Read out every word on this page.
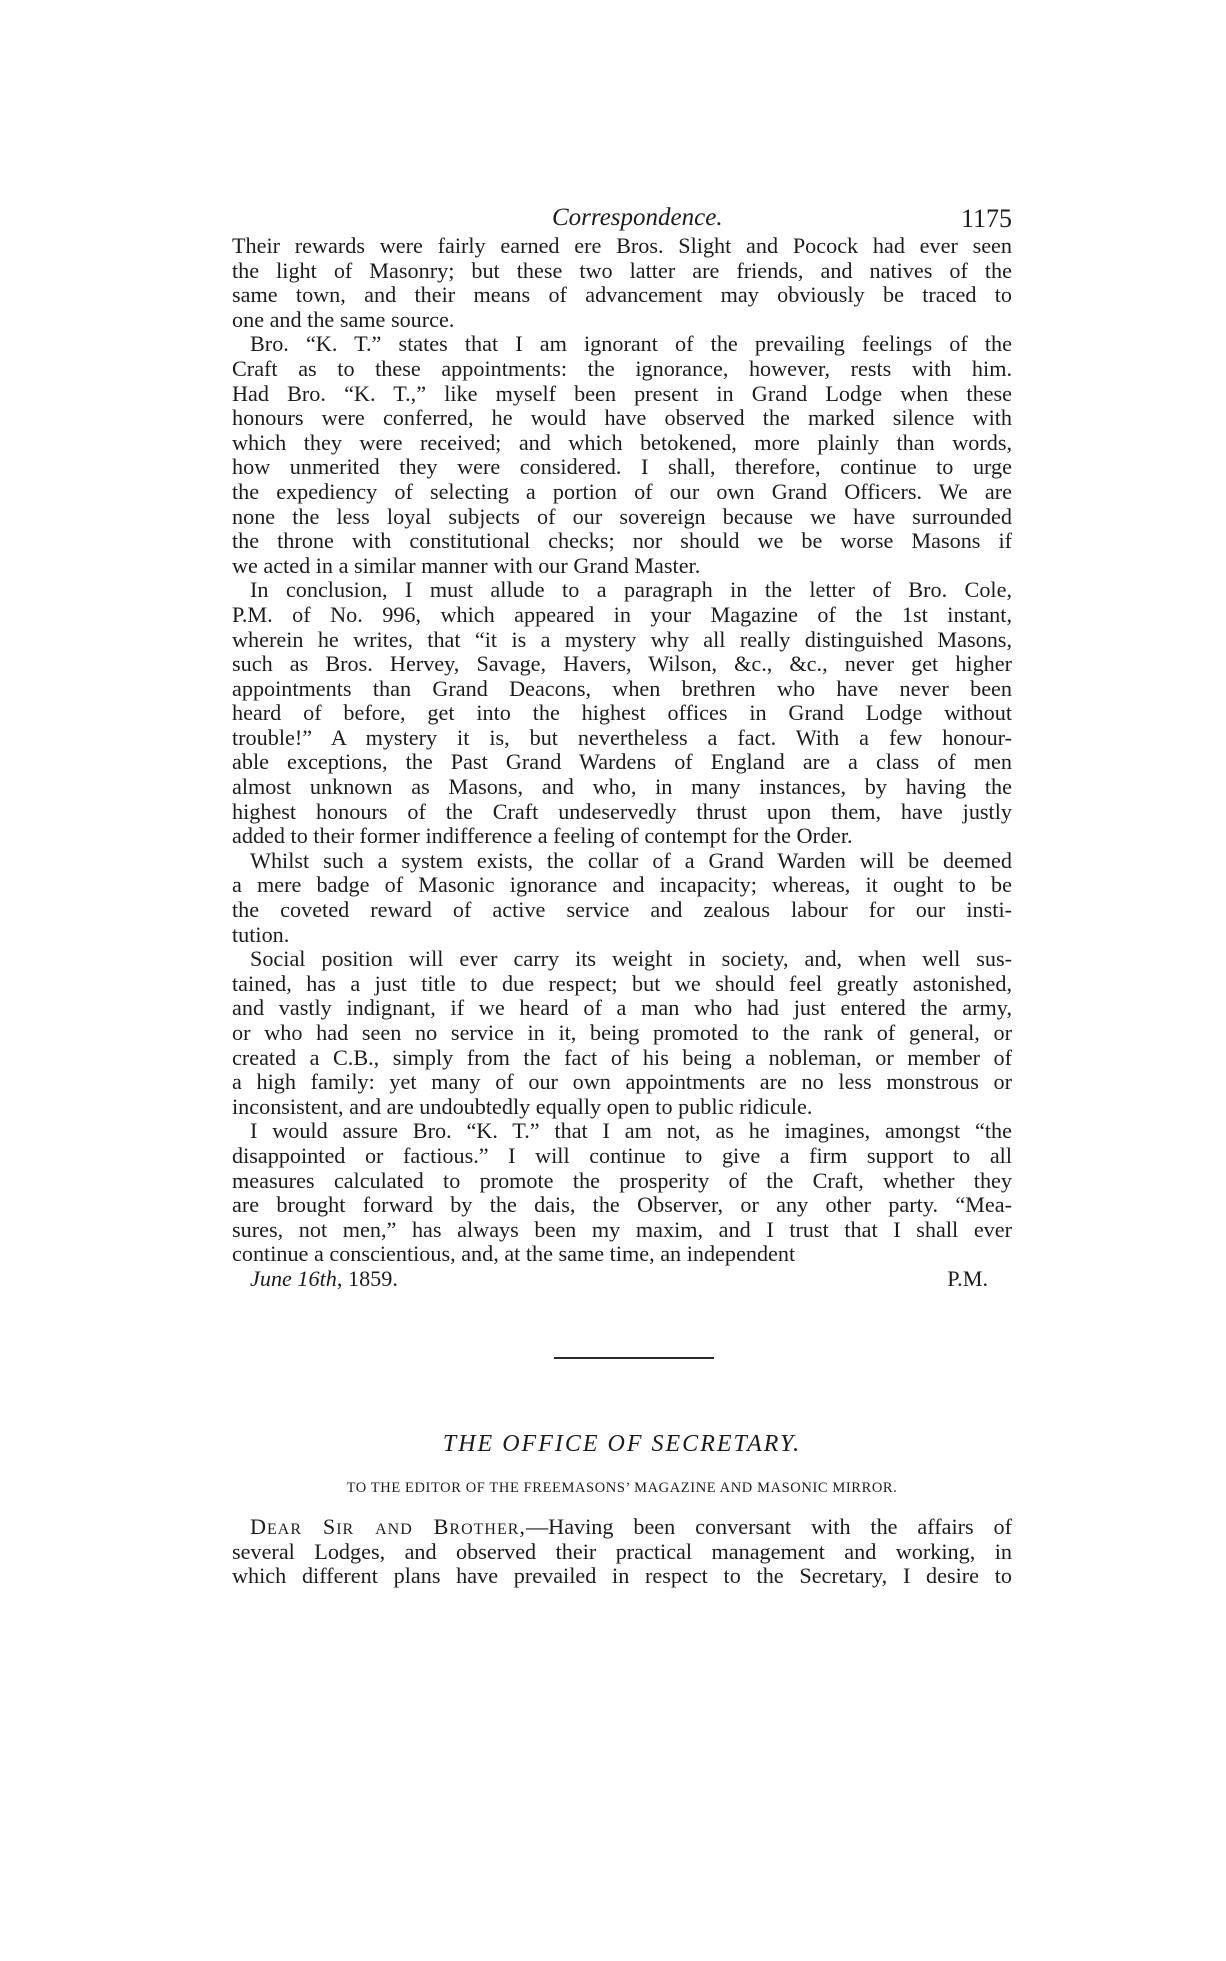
Correspondence.	1175

Their rewards were fairly earned ere Bros. Slight and Pocock had ever seen
the light of Masonry; but these two latter are friends, and natives of the
same town, and their means of advancement may obviously be traced to
one and the same source.

Bro. “K. T.” states that I am ignorant of the prevailing feelings of the
Craft as to these appointments: the ignorance, however, rests with him.
Had Bro. “K. T.,” like myself been present in Grand Lodge when these
honours were conferred, he would have observed the marked silence with
which they were received; and which betokened, more plainly than words,
how unmerited they were considered. I shall, therefore, continue to urge
the expediency of selecting a portion of our own Grand Officers. We are
none the less loyal subjects of our sovereign because we have surrounded
the throne with constitutional checks; nor should we be worse Masons if
we acted in a similar manner with our Grand Master.

In conclusion, I must allude to a paragraph in the letter of Bro. Cole,
P.M. of No. 996, which appeared in your Magazine of the 1st instant,
wherein he writes, that “it is a mystery why all really distinguished Masons,
such as Bros. Hervey, Savage, Havers, Wilson, &c., &c., never get higher
appointments than Grand Deacons, when brethren who have never been
heard of before, get into the highest offices in Grand Lodge without
trouble!” A mystery it is, but nevertheless a fact. With a few honour-
able exceptions, the Past Grand Wardens of England are a class of men
almost unknown as Masons, and who, in many instances, by having the
highest honours of the Craft undeservedly thrust upon them, have justly
added to their former indifference a feeling of contempt for the Order.

Whilst such a system exists, the collar of a Grand Warden will be deemed
a mere badge of Masonic ignorance and incapacity; whereas, it ought to be
the coveted reward of active service and zealous labour for our insti-
tution.

Social position will ever carry its weight in society, and, when well sus-
tained, has a just title to due respect; but we should feel greatly astonished,
and vastly indignant, if we heard of a man who had just entered the army,
or who had seen no service in it, being promoted to the rank of general, or
created a C.B., simply from the fact of his being a nobleman, or member of
a high family: yet many of our own appointments are no less monstrous or
inconsistent, and are undoubtedly equally open to public ridicule.

I would assure Bro. “K. T.” that I am not, as he imagines, amongst “the
disappointed or factious.” I will continue to give a firm support to all
measures calculated to promote the prosperity of the Craft, whether they
are brought forward by the dais, the Observer, or any other party. “Mea-
sures, not men,” has always been my maxim, and I trust that I shall ever
continue a conscientious, and, at the same time, an independent

June 16th, 1859.	P.M.
THE OFFICE OF SECRETARY.
TO THE EDITOR OF THE FREEMASONS’ MAGAZINE AND MASONIC MIRROR.
Dear Sir and Brother,—Having been conversant with the affairs of
several Lodges, and observed their practical management and working, in
which different plans have prevailed in respect to the Secretary, I desire to
